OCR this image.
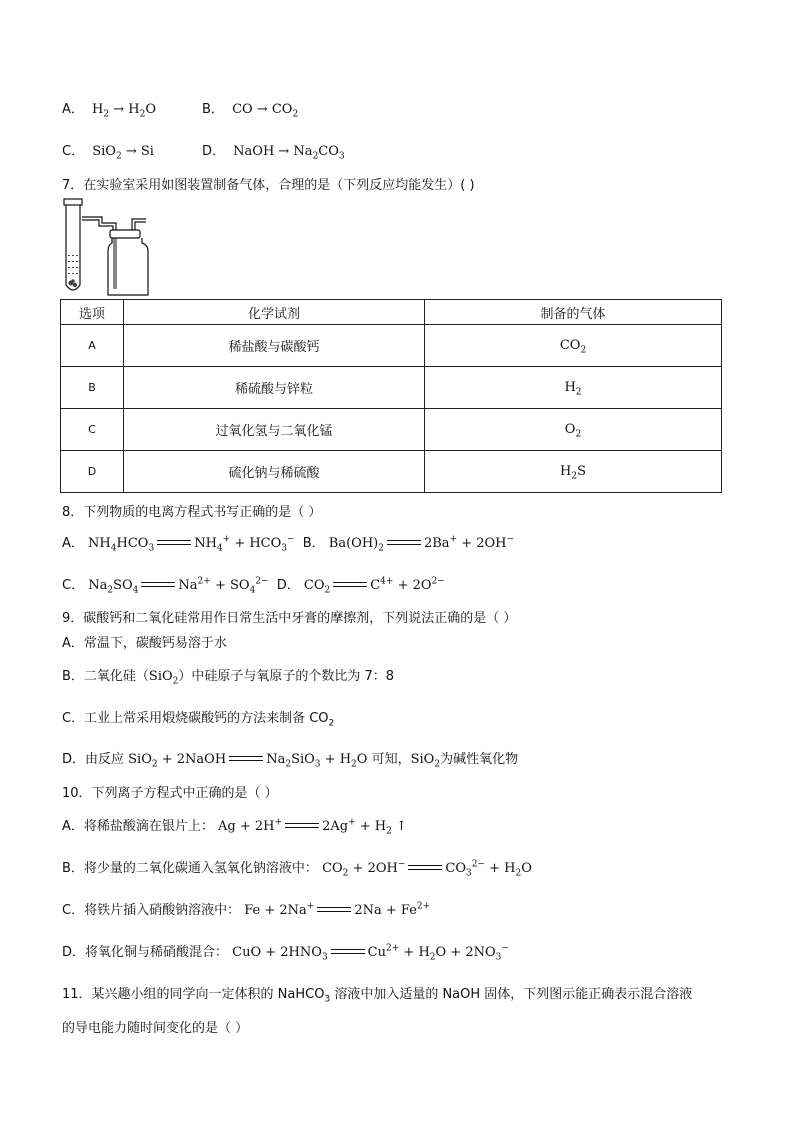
A． $H_2 \to H_2O$	B． CO → $CO_2$
C． SiO$_2$ → Si	D． NaOH → $Na_2CO_3$
7．在实验室采用如图装置制备气体，合理的是（下列反应均能发生）( )
选项	化学试剂	制备的气体
A	稀盐酸与碳酸钙	$CO_2$
B	稀硫酸与锌粒	$H_2$
C	过氧化氢与二氧化锰	$O_2$
D	硫化钠与稀硫酸	$H_2S$
8．下列物质的电离方程式书写正确的是（ ）
A． $NH_4HCO_3$	$NH_4^+ + HCO_3^-$ B． $Ba(OH)_2$	2Ba+ + 2OH−
C． $Na_2SO_4$	$Na^{2+} + SO_4^{2-}$ D． $CO_2$	$C^{4+} + 2O^{2-}$
9．碳酸钙和二氧化硅常用作日常生活中牙膏的摩擦剂，下列说法正确的是（ ）
A．常温下，碳酸钙易溶于水
B．二氧化硅（SiO$_2$）中硅原子与氧原子的个数比为 7：8
C．工业上常采用煅烧碳酸钙的方法来制备 $CO_2$
D．由反应 SiO$_2$ + 2NaOH	$Na_2SiO_3 + H_2O$ 可知，SiO$_2$为碱性氧化物
10．下列离子方程式中正确的是（ ）
A．将稀盐酸滴在银片上： Ag + 2H+	$2Ag^+ + H_2$ ↑
B．将少量的二氧化碳通入氢氧化钠溶液中： $CO_2 + 2OH^-$	$CO_3^{2-} + H_2O$
C．将铁片插入硝酸钠溶液中： Fe + 2Na+	$2Na + Fe^{2+}$
D．将氧化铜与稀硝酸混合： CuO + $2HNO_3$	$Cu^{2+} + H_2O + 2NO_3^-$
11．某兴趣小组的同学向一定体积的 NaHCO$_3$ 溶液中加入适量的 NaOH 固体，下列图示能正确表示混合溶液
的导电能力随时间变化的是（ ）
